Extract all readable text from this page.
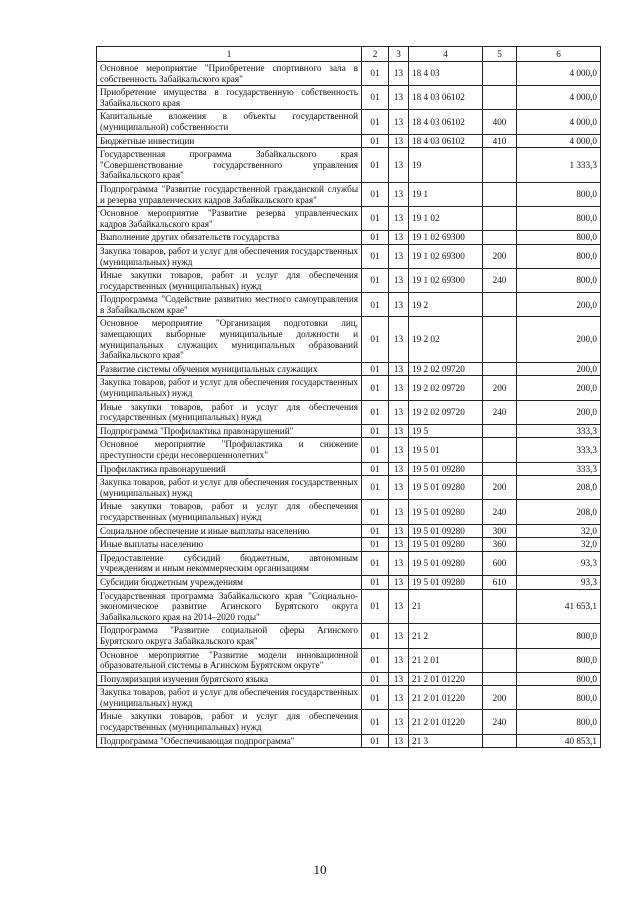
1	2	3	4	5	6
Основное мероприятие "Приобретение спортивного зала в собственность Забайкальского края"	01	13	18 4 03		4 000,0
Приобретение имущества в государственную собственность Забайкальского края	01	13	18 4 03 06102		4 000,0
Капитальные вложения в объекты государственной (муниципальной) собственности	01	13	18 4 03 06102	400	4 000,0
Бюджетные инвестиции	01	13	18 4 03 06102	410	4 000,0
Государственная программа Забайкальского края "Совершенствование государственного управления Забайкальского края"	01	13	19		1 333,3
Подпрограмма "Развитие государственной гражданской службы и резерва управленческих кадров Забайкальского края"	01	13	19 1		800,0
Основное мероприятие "Развитие резерва управленческих кадров Забайкальского края"	01	13	19 1 02		800,0
Выполнение других обязательств государства	01	13	19 1 02 69300		800,0
Закупка товаров, работ и услуг для обеспечения государственных (муниципальных) нужд	01	13	19 1 02 69300	200	800,0
Иные закупки товаров, работ и услуг для обеспечения государственных (муниципальных) нужд	01	13	19 1 02 69300	240	800,0
Подпрограмма "Содействие развитию местного самоуправления в Забайкальском крае"	01	13	19 2		200,0
Основное мероприятие "Организация подготовки лиц, замещающих выборные муниципальные должности и муниципальных служащих муниципальных образований Забайкальского края"	01	13	19 2 02		200,0
Развитие системы обучения муниципальных служащих	01	13	19 2 02 09720		200,0
Закупка товаров, работ и услуг для обеспечения государственных (муниципальных) нужд	01	13	19 2 02 09720	200	200,0
Иные закупки товаров, работ и услуг для обеспечения государственных (муниципальных) нужд	01	13	19 2 02 09720	240	200,0
Подпрограмма "Профилактика правонарушений"	01	13	19 5		333,3
Основное мероприятие "Профилактика и снижение преступности среди несовершеннолетних"	01	13	19 5 01		333,3
Профилактика правонарушений	01	13	19 5 01 09280		333,3
Закупка товаров, работ и услуг для обеспечения государственных (муниципальных) нужд	01	13	19 5 01 09280	200	208,0
Иные закупки товаров, работ и услуг для обеспечения государственных (муниципальных) нужд	01	13	19 5 01 09280	240	208,0
Социальное обеспечение и иные выплаты населению	01	13	19 5 01 09280	300	32,0
Иные выплаты населению	01	13	19 5 01 09280	360	32,0
Предоставление субсидий бюджетным, автономным учреждениям и иным некоммерческим организациям	01	13	19 5 01 09280	600	93,3
Субсидии бюджетным учреждениям	01	13	19 5 01 09280	610	93,3
Государственная программа Забайкальского края "Социально-экономическое развитие Агинского Бурятского округа Забайкальского края на 2014–2020 годы"	01	13	21		41 653,1
Подпрограмма "Развитие социальной сферы Агинского Бурятского округа Забайкальского края"	01	13	21 2		800,0
Основное мероприятие "Развитие модели инновационной образовательной системы в Агинском Бурятском округе"	01	13	21 2 01		800,0
Популяризация изучения бурятского языка	01	13	21 2 01 01220		800,0
Закупка товаров, работ и услуг для обеспечения государственных (муниципальных) нужд	01	13	21 2 01 01220	200	800,0
Иные закупки товаров, работ и услуг для обеспечения государственных (муниципальных) нужд	01	13	21 2 01 01220	240	800,0
Подпрограмма "Обеспечивающая подпрограмма"	01	13	21 3		40 853,1
10
